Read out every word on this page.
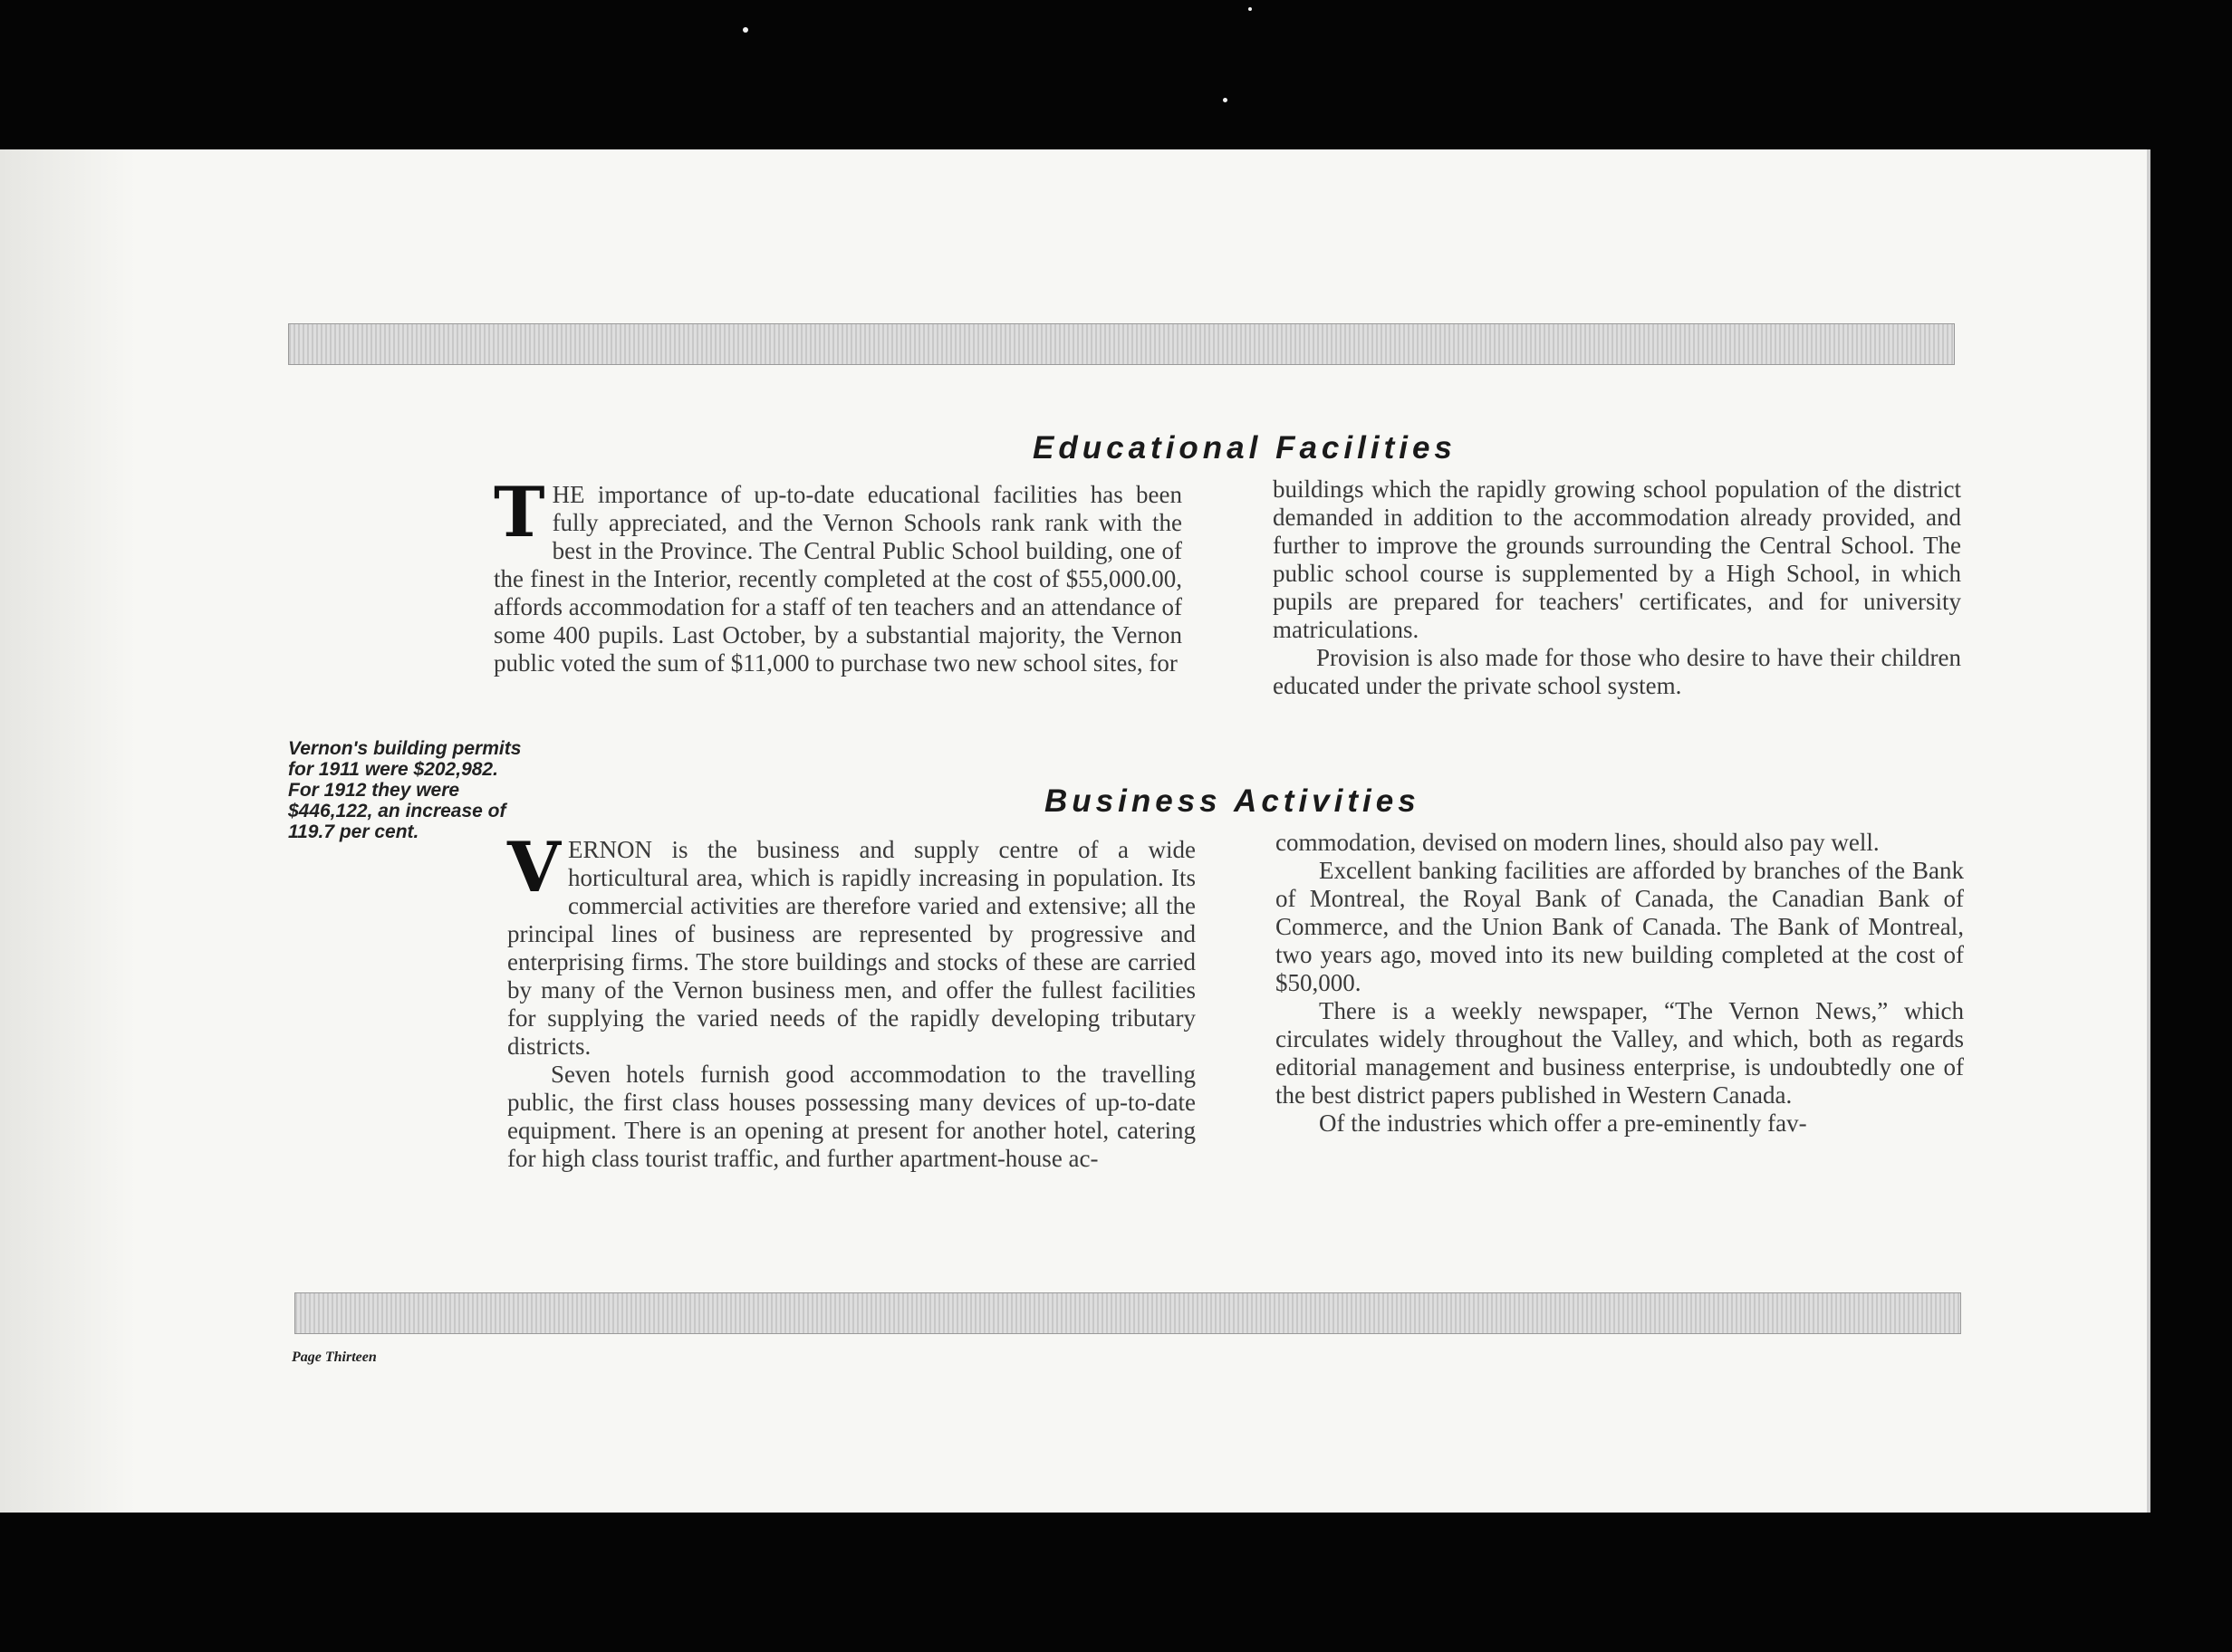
Educational Facilities

THE importance of up-to-date educational facilities has been fully appreciated, and the Vernon Schools rank rank with the best in the Province. The Central Public School building, one of the finest in the Interior, recently completed at the cost of $55,000.00, affords accommodation for a staff of ten teachers and an attendance of some 400 pupils. Last October, by a substantial majority, the Vernon public voted the sum of $11,000 to purchase two new school sites, for

buildings which the rapidly growing school population of the district demanded in addition to the accommodation already provided, and further to improve the grounds surrounding the Central School. The public school course is supplemented by a High School, in which pupils are prepared for teachers' certificates, and for university matriculations.

Provision is also made for those who desire to have their children educated under the private school system.

Vernon's building permits for 1911 were $202,982. For 1912 they were $446,122, an increase of 119.7 per cent.

Business Activities

VERNON is the business and supply centre of a wide horticultural area, which is rapidly increasing in population. Its commercial activities are therefore varied and extensive; all the principal lines of business are represented by progressive and enterprising firms. The store buildings and stocks of these are carried by many of the Vernon business men, and offer the fullest facilities for supplying the varied needs of the rapidly developing tributary districts.

Seven hotels furnish good accommodation to the travelling public, the first class houses possessing many devices of up-to-date equipment. There is an opening at present for another hotel, catering for high class tourist traffic, and further apartment-house ac-

commodation, devised on modern lines, should also pay well.

Excellent banking facilities are afforded by branches of the Bank of Montreal, the Royal Bank of Canada, the Canadian Bank of Commerce, and the Union Bank of Canada. The Bank of Montreal, two years ago, moved into its new building completed at the cost of $50,000.

There is a weekly newspaper, “The Vernon News,” which circulates widely throughout the Valley, and which, both as regards editorial management and business enterprise, is undoubtedly one of the best district papers published in Western Canada.

Of the industries which offer a pre-eminently fav-

Page Thirteen
